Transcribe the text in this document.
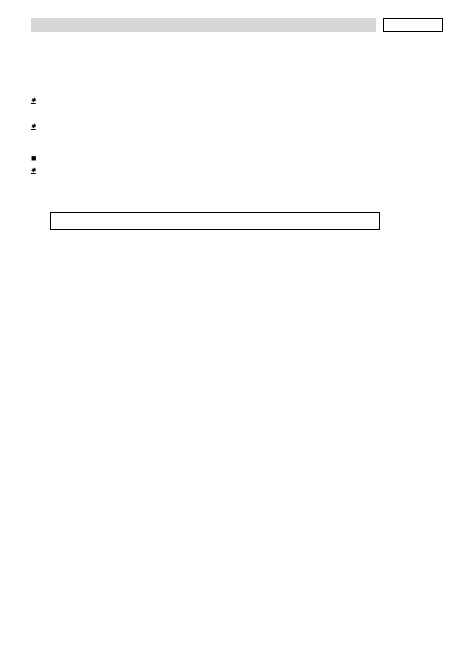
✱
✱
■
✱
